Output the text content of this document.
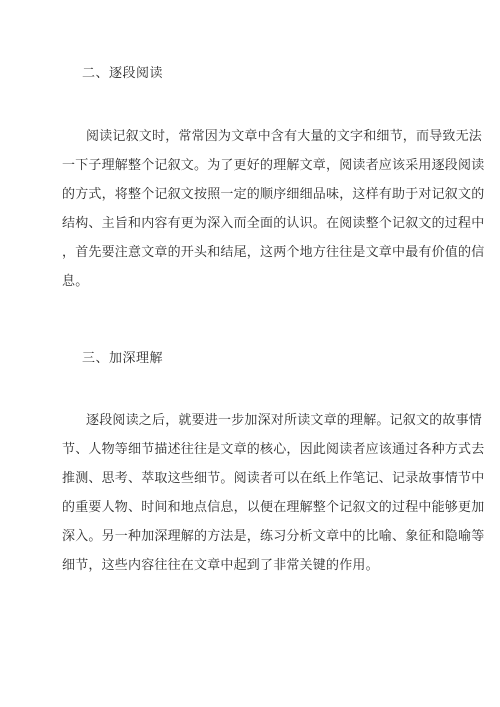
二、逐段阅读
阅读记叙文时，常常因为文章中含有大量的文字和细节，而导致无法
一下子理解整个记叙文。为了更好的理解文章，阅读者应该采用逐段阅读
的方式，将整个记叙文按照一定的顺序细细品味，这样有助于对记叙文的
结构、主旨和内容有更为深入而全面的认识。在阅读整个记叙文的过程中
，首先要注意文章的开头和结尾，这两个地方往往是文章中最有价值的信
息。
三、加深理解
逐段阅读之后，就要进一步加深对所读文章的理解。记叙文的故事情
节、人物等细节描述往往是文章的核心，因此阅读者应该通过各种方式去
推测、思考、萃取这些细节。阅读者可以在纸上作笔记、记录故事情节中
的重要人物、时间和地点信息，以便在理解整个记叙文的过程中能够更加
深入。另一种加深理解的方法是，练习分析文章中的比喻、象征和隐喻等
细节，这些内容往往在文章中起到了非常关键的作用。
